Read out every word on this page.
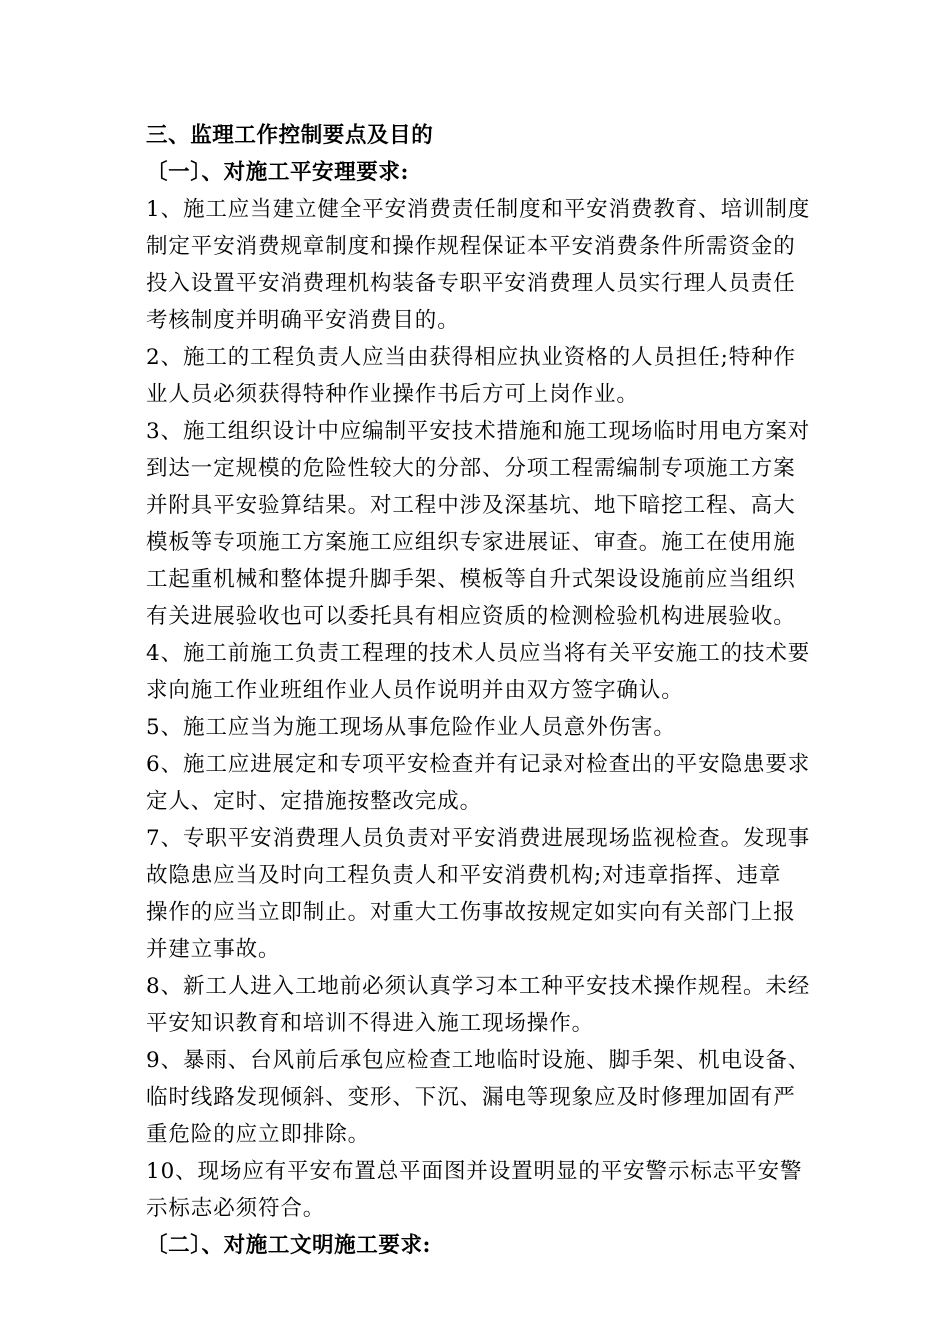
三、监理工作控制要点及目的
〔一〕、对施工平安理要求:
1、施工应当建立健全平安消费责任制度和平安消费教育、培训制度
制定平安消费规章制度和操作规程保证本平安消费条件所需资金的
投入设置平安消费理机构装备专职平安消费理人员实行理人员责任
考核制度并明确平安消费目的。
2、施工的工程负责人应当由获得相应执业资格的人员担任;特种作
业人员必须获得特种作业操作书后方可上岗作业。
3、施工组织设计中应编制平安技术措施和施工现场临时用电方案对
到达一定规模的危险性较大的分部、分项工程需编制专项施工方案
并附具平安验算结果。对工程中涉及深基坑、地下暗挖工程、高大
模板等专项施工方案施工应组织专家进展证、审查。施工在使用施
工起重机械和整体提升脚手架、模板等自升式架设设施前应当组织
有关进展验收也可以委托具有相应资质的检测检验机构进展验收。
4、施工前施工负责工程理的技术人员应当将有关平安施工的技术要
求向施工作业班组作业人员作说明并由双方签字确认。
5、施工应当为施工现场从事危险作业人员意外伤害。
6、施工应进展定和专项平安检查并有记录对检查出的平安隐患要求
定人、定时、定措施按整改完成。
7、专职平安消费理人员负责对平安消费进展现场监视检查。发现事
故隐患应当及时向工程负责人和平安消费机构;对违章指挥、违章
操作的应当立即制止。对重大工伤事故按规定如实向有关部门上报
并建立事故。
8、新工人进入工地前必须认真学习本工种平安技术操作规程。未经
平安知识教育和培训不得进入施工现场操作。
9、暴雨、台风前后承包应检查工地临时设施、脚手架、机电设备、
临时线路发现倾斜、变形、下沉、漏电等现象应及时修理加固有严
重危险的应立即排除。
10、现场应有平安布置总平面图并设置明显的平安警示标志平安警
示标志必须符合。
〔二〕、对施工文明施工要求:
